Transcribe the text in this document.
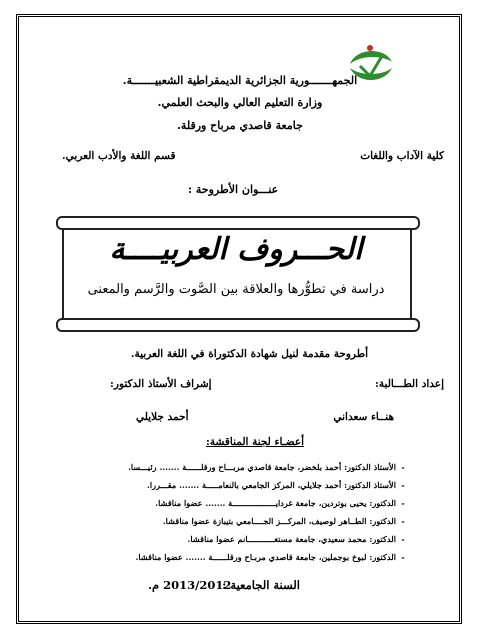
الجمهـــــــورية الجزائرية الديمقراطية الشعبيـــــــة.
وزارة التعليم العالي والبحث العلمي.
جامعة قاصدي مرباح ورقلة.
كلية الآداب واللغات
قسم اللغة والأدب العربي.
عنـــوان الأطروحة :
الحـــروف العربيــــة
دراسة في تطوُّرها والعلاقة بين الصَّوت والرَّسم والمعنى
أطروحة مقدمة لنيل شهادة الدكتوراة في اللغة العربية.
إعداد الطـــالبة:
إشراف الأستاذ الدكتور:
هنــاء سعداني
أحمد جلايلي
أعضـاء لجنة المناقشة:
-
الأستاذ الدكتور: أحمد بلخضر، جامعة قاصدي مربـــاح ورقلــــــة ....... رئيـــسا.
-
الأستاذ الدكتور: أحمد جلايلي، المركز الجامعي بالنعامـــــة ....... مقـــررا.
-
الدكتور: يحيى بوتردين، جامعة غردايــــــــــــــــــة ....... عضوا مناقشا.
-
الدكتور: الطــاهر لوصيف، المركـــز الجــــامعي بتيبازة عضوا مناقشا.
-
الدكتور: محمد سعيدي، جامعة مستغـــــــــــانم عضوا مناقشا.
-
الدكتور: لبوخ بوجملين، جامعة قاصدي مربـاح ورقلــــــة ....... عضوا مناقشا.
السنة الجامعية :
2013/2012 م.
